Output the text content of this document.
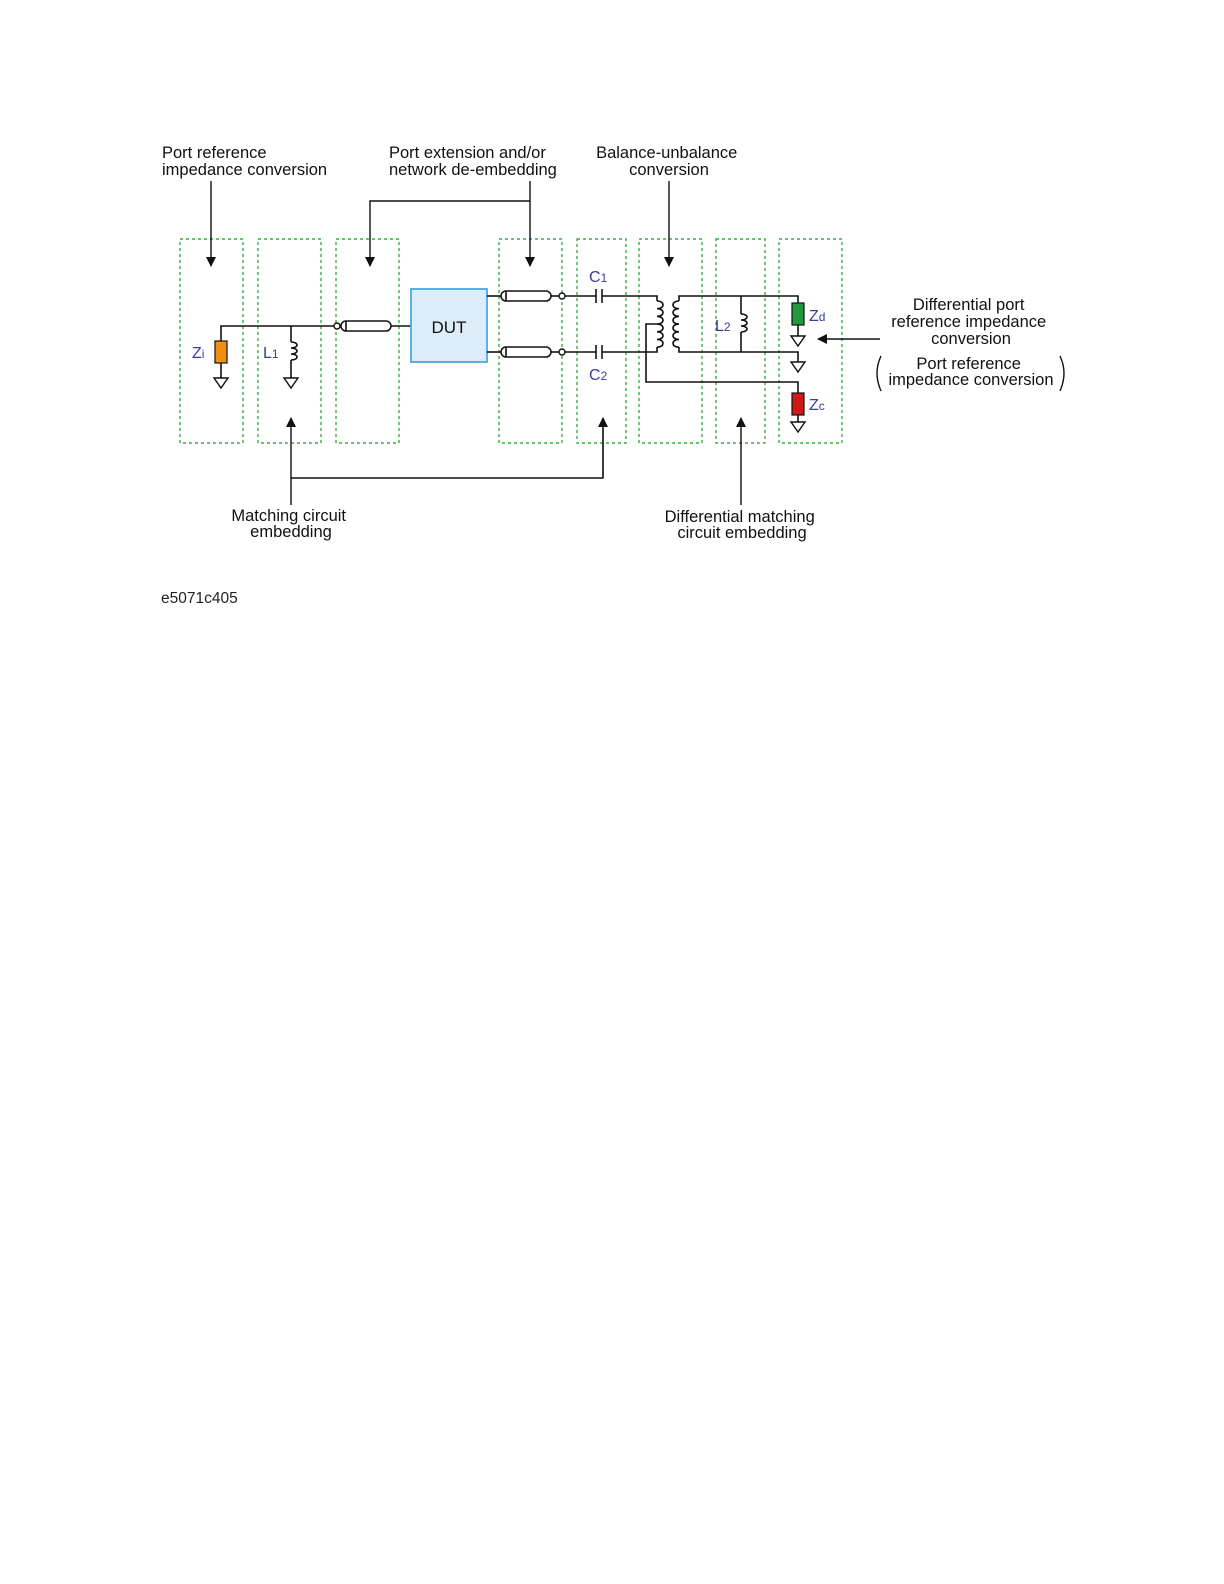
Port reference impedance conversion
Port extension and/or network de-embedding
Balance-unbalance conversion
Differential port reference impedance conversion
Port reference impedance conversion
Matching circuit embedding
Differential matching circuit embedding
Zi	L1
DUT
C1
C2
L2
Zd
Zc
e5071c405
